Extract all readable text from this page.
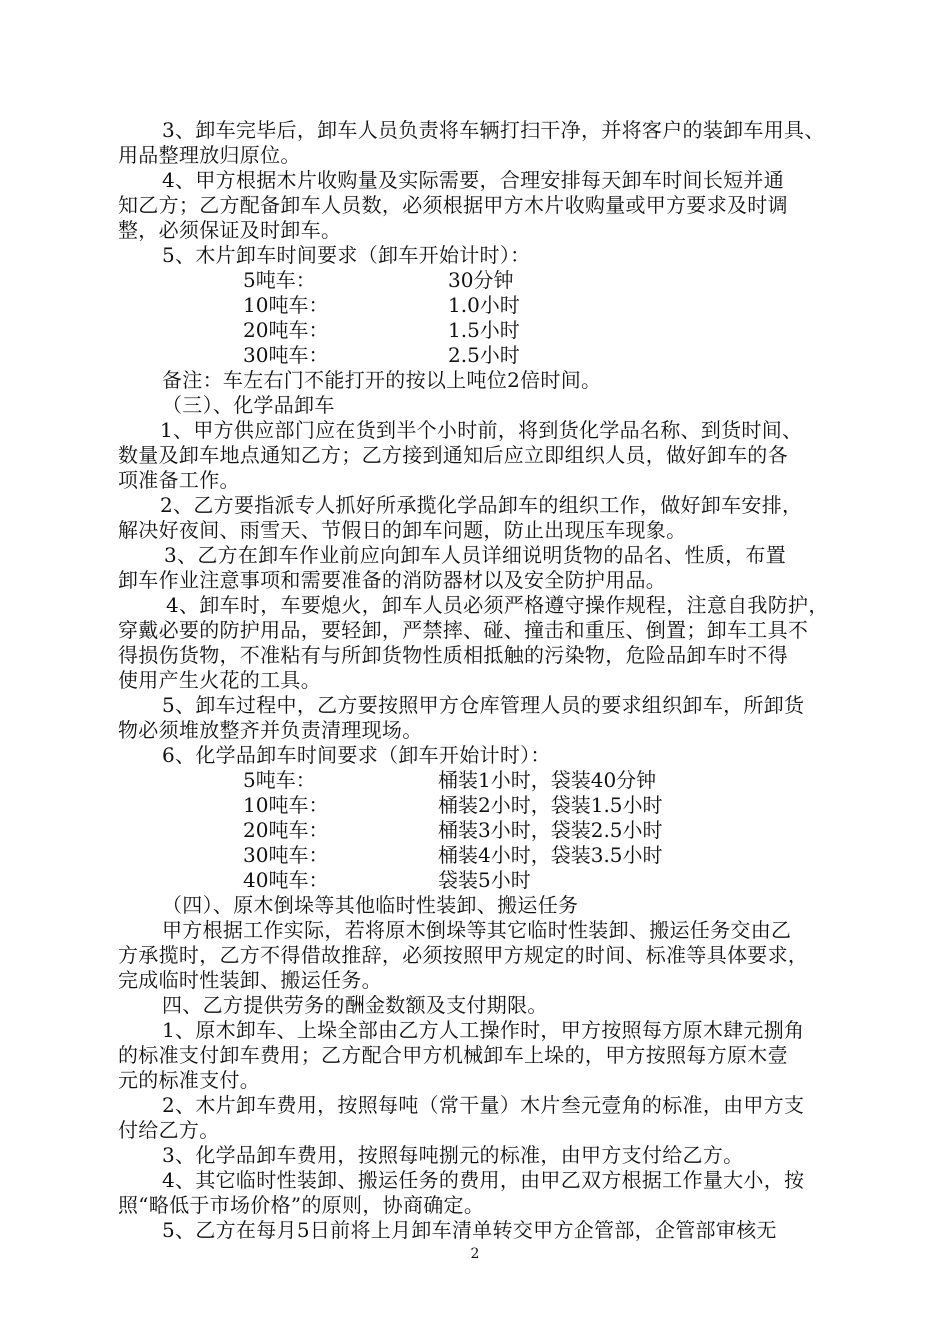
3、卸车完毕后，卸车人员负责将车辆打扫干净，并将客户的装卸车用具、

用品整理放归原位。

4、甲方根据木片收购量及实际需要，合理安排每天卸车时间长短并通

知乙方；乙方配备卸车人员数，必须根据甲方木片收购量或甲方要求及时调

整，必须保证及时卸车。

5、木片卸车时间要求（卸车开始计时）：

5吨车：	30分钟
10吨车：	1.0小时
20吨车：	1.5小时
30吨车：	2.5小时

备注：车左右门不能打开的按以上吨位2倍时间。

（三）、化学品卸车

1、甲方供应部门应在货到半个小时前，将到货化学品名称、到货时间、

数量及卸车地点通知乙方；乙方接到通知后应立即组织人员，做好卸车的各

项准备工作。

2、乙方要指派专人抓好所承揽化学品卸车的组织工作，做好卸车安排，

解决好夜间、雨雪天、节假日的卸车问题，防止出现压车现象。

3、乙方在卸车作业前应向卸车人员详细说明货物的品名、性质，布置

卸车作业注意事项和需要准备的消防器材以及安全防护用品。

4、卸车时，车要熄火，卸车人员必须严格遵守操作规程，注意自我防护，

穿戴必要的防护用品，要轻卸，严禁摔、碰、撞击和重压、倒置；卸车工具不

得损伤货物，不准粘有与所卸货物性质相抵触的污染物，危险品卸车时不得

使用产生火花的工具。

5、卸车过程中，乙方要按照甲方仓库管理人员的要求组织卸车，所卸货

物必须堆放整齐并负责清理现场。

6、化学品卸车时间要求（卸车开始计时）：

5吨车：	桶装1小时，袋装40分钟
10吨车：	桶装2小时，袋装1.5小时
20吨车：	桶装3小时，袋装2.5小时
30吨车：	桶装4小时，袋装3.5小时
40吨车：	袋装5小时

（四）、原木倒垛等其他临时性装卸、搬运任务

甲方根据工作实际，若将原木倒垛等其它临时性装卸、搬运任务交由乙

方承揽时，乙方不得借故推辞，必须按照甲方规定的时间、标准等具体要求，

完成临时性装卸、搬运任务。

四、乙方提供劳务的酬金数额及支付期限。

1、原木卸车、上垛全部由乙方人工操作时，甲方按照每方原木肆元捌角

的标准支付卸车费用；乙方配合甲方机械卸车上垛的，甲方按照每方原木壹

元的标准支付。

2、木片卸车费用，按照每吨（常干量）木片叁元壹角的标准，由甲方支

付给乙方。

3、化学品卸车费用，按照每吨捌元的标准，由甲方支付给乙方。

4、其它临时性装卸、搬运任务的费用，由甲乙双方根据工作量大小，按

照“略低于市场价格”的原则，协商确定。

5、乙方在每月5日前将上月卸车清单转交甲方企管部，企管部审核无

2
